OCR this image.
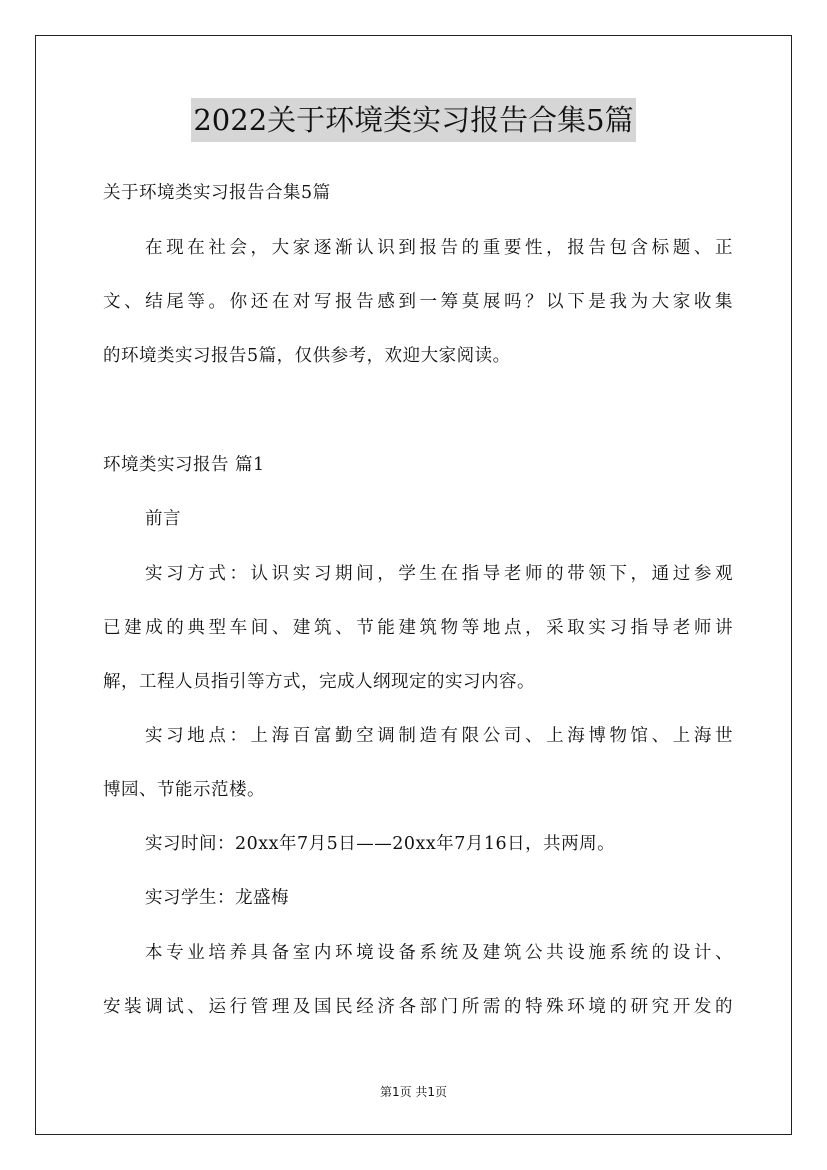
2022关于环境类实习报告合集5篇
关于环境类实习报告合集5篇
在现在社会，大家逐渐认识到报告的重要性，报告包含标题、正
文、结尾等。你还在对写报告感到一筹莫展吗？以下是我为大家收集
的环境类实习报告5篇，仅供参考，欢迎大家阅读。
环境类实习报告 篇1
前言
实习方式：认识实习期间，学生在指导老师的带领下，通过参观
已建成的典型车间、建筑、节能建筑物等地点，采取实习指导老师讲
解，工程人员指引等方式，完成人纲现定的实习内容。
实习地点：上海百富勤空调制造有限公司、上海博物馆、上海世
博园、节能示范楼。
实习时间：20xx年7月5日——20xx年7月16日，共两周。
实习学生：龙盛梅
本专业培养具备室内环境设备系统及建筑公共设施系统的设计、
安装调试、运行管理及国民经济各部门所需的特殊环境的研究开发的
第1页 共1页
